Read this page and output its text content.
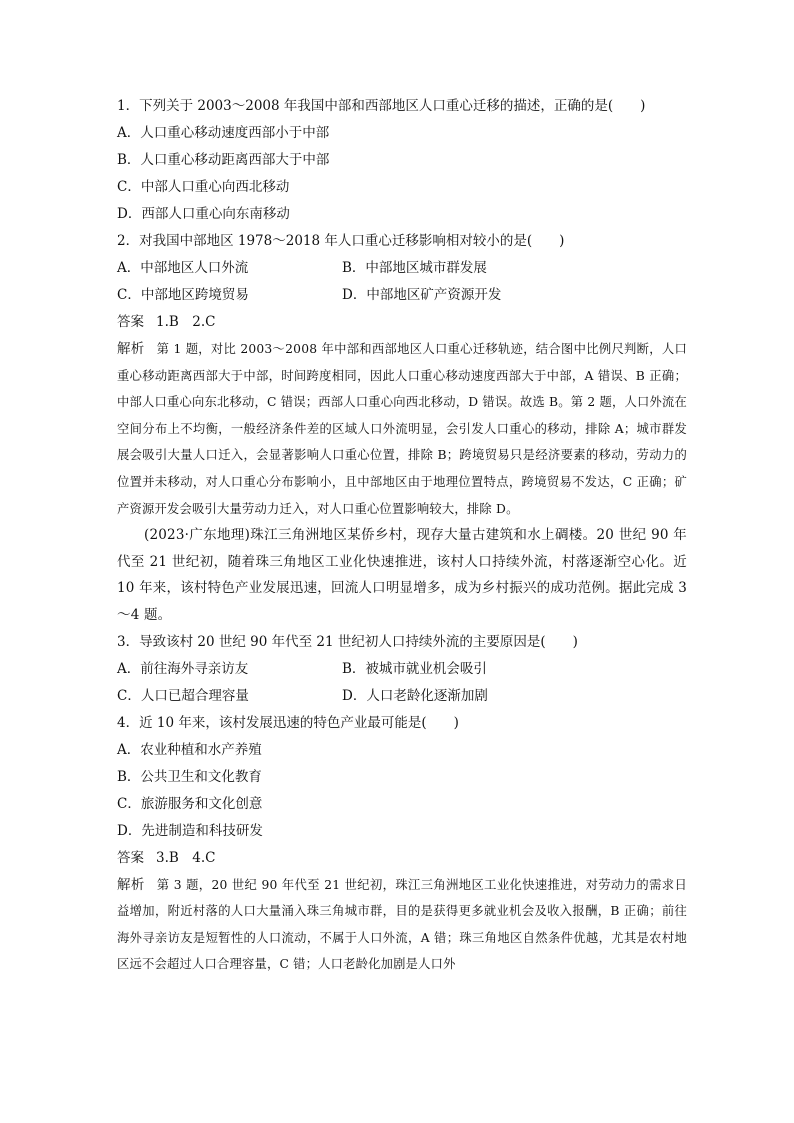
1．下列关于 2003～2008 年我国中部和西部地区人口重心迁移的描述，正确的是(　　)
A．人口重心移动速度西部小于中部
B．人口重心移动距离西部大于中部
C．中部人口重心向西北移动
D．西部人口重心向东南移动
2．对我国中部地区 1978～2018 年人口重心迁移影响相对较小的是(　　)
A．中部地区人口外流	B．中部地区城市群发展
C．中部地区跨境贸易	D．中部地区矿产资源开发
答案 1.B　2.C
解析 第 1 题，对比 2003～2008 年中部和西部地区人口重心迁移轨迹，结合图中比例尺判断，人口重心移动距离西部大于中部，时间跨度相同，因此人口重心移动速度西部大于中部，A 错误、B 正确；中部人口重心向东北移动，C 错误；西部人口重心向西北移动，D 错误。故选 B。第 2 题，人口外流在空间分布上不均衡，一般经济条件差的区域人口外流明显，会引发人口重心的移动，排除 A；城市群发展会吸引大量人口迁入，会显著影响人口重心位置，排除 B；跨境贸易只是经济要素的移动，劳动力的位置并未移动，对人口重心分布影响小，且中部地区由于地理位置特点，跨境贸易不发达，C 正确；矿产资源开发会吸引大量劳动力迁入，对人口重心位置影响较大，排除 D。
(2023·广东地理)珠江三角洲地区某侨乡村，现存大量古建筑和水上碉楼。20 世纪 90 年代至 21 世纪初，随着珠三角地区工业化快速推进，该村人口持续外流，村落逐渐空心化。近 10 年来，该村特色产业发展迅速，回流人口明显增多，成为乡村振兴的成功范例。据此完成 3～4 题。
3．导致该村 20 世纪 90 年代至 21 世纪初人口持续外流的主要原因是(　　)
A．前往海外寻亲访友	B．被城市就业机会吸引
C．人口已超合理容量	D．人口老龄化逐渐加剧
4．近 10 年来，该村发展迅速的特色产业最可能是(　　)
A．农业种植和水产养殖
B．公共卫生和文化教育
C．旅游服务和文化创意
D．先进制造和科技研发
答案 3.B　4.C
解析 第 3 题，20 世纪 90 年代至 21 世纪初，珠江三角洲地区工业化快速推进，对劳动力的需求日益增加，附近村落的人口大量涌入珠三角城市群，目的是获得更多就业机会及收入报酬，B 正确；前往海外寻亲访友是短暂性的人口流动，不属于人口外流，A 错；珠三角地区自然条件优越，尤其是农村地区远不会超过人口合理容量，C 错；人口老龄化加剧是人口外
